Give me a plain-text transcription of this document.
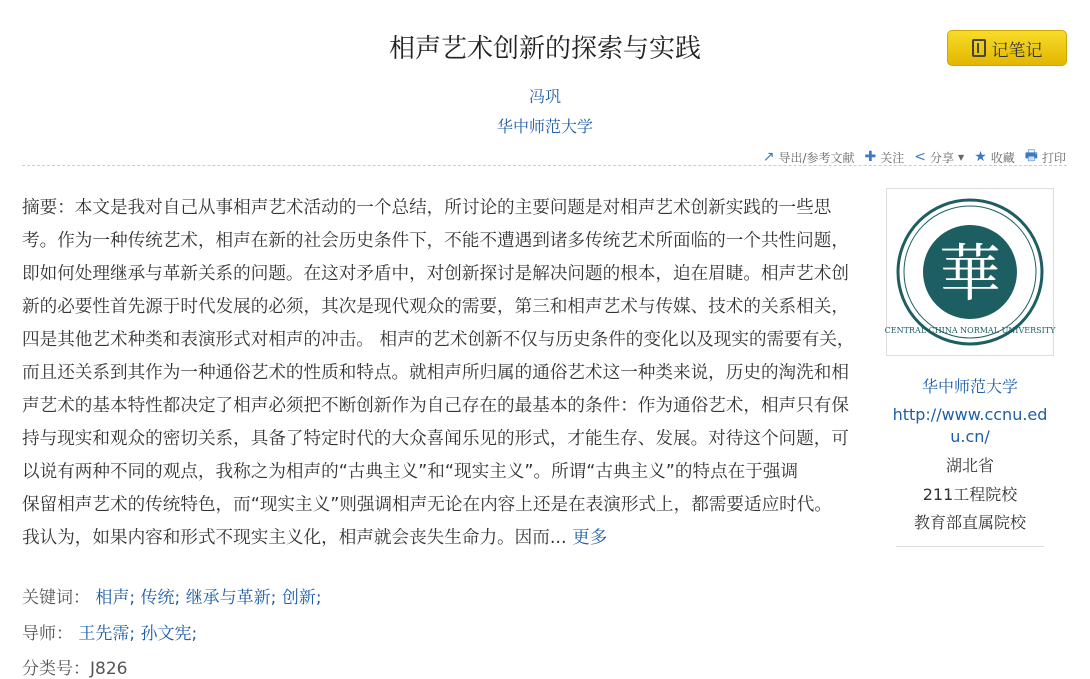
相声艺术创新的探索与实践	记笔记
冯巩
华中师范大学
↗ 导出/参考文献 ✚ 关注 < 分享 ▼ ★ 收藏 🖶 打印
摘要：本文是我对自己从事相声艺术活动的一个总结，所讨论的主要问题是对相声艺术创新实践的一些思
考。作为一种传统艺术，相声在新的社会历史条件下，不能不遭遇到诸多传统艺术所面临的一个共性问题，
即如何处理继承与革新关系的问题。在这对矛盾中，对创新探讨是解决问题的根本，迫在眉睫。相声艺术创
新的必要性首先源于时代发展的必须，其次是现代观众的需要，第三和相声艺术与传媒、技术的关系相关，
四是其他艺术种类和表演形式对相声的冲击。 相声的艺术创新不仅与历史条件的变化以及现实的需要有关，
而且还关系到其作为一种通俗艺术的性质和特点。就相声所归属的通俗艺术这一种类来说，历史的淘洗和相
声艺术的基本特性都决定了相声必须把不断创新作为自己存在的最基本的条件：作为通俗艺术，相声只有保
持与现实和观众的密切关系，具备了特定时代的大众喜闻乐见的形式，才能生存、发展。对待这个问题，可
以说有两种不同的观点，我称之为相声的“古典主义”和“现实主义”。所谓“古典主义”的特点在于强调
保留相声艺术的传统特色，而“现实主义”则强调相声无论在内容上还是在表演形式上，都需要适应时代。
我认为，如果内容和形式不现实主义化，相声就会丧失生命力。因而... 更多
关键词： 相声; 传统; 继承与革新; 创新;
导师： 王先霈; 孙文宪;
分类号：J826
華
CENTRAL CHINA NORMAL UNIVERSITY
华中师范大学
http://www.ccnu.ed
u.cn/
湖北省
211工程院校
教育部直属院校
